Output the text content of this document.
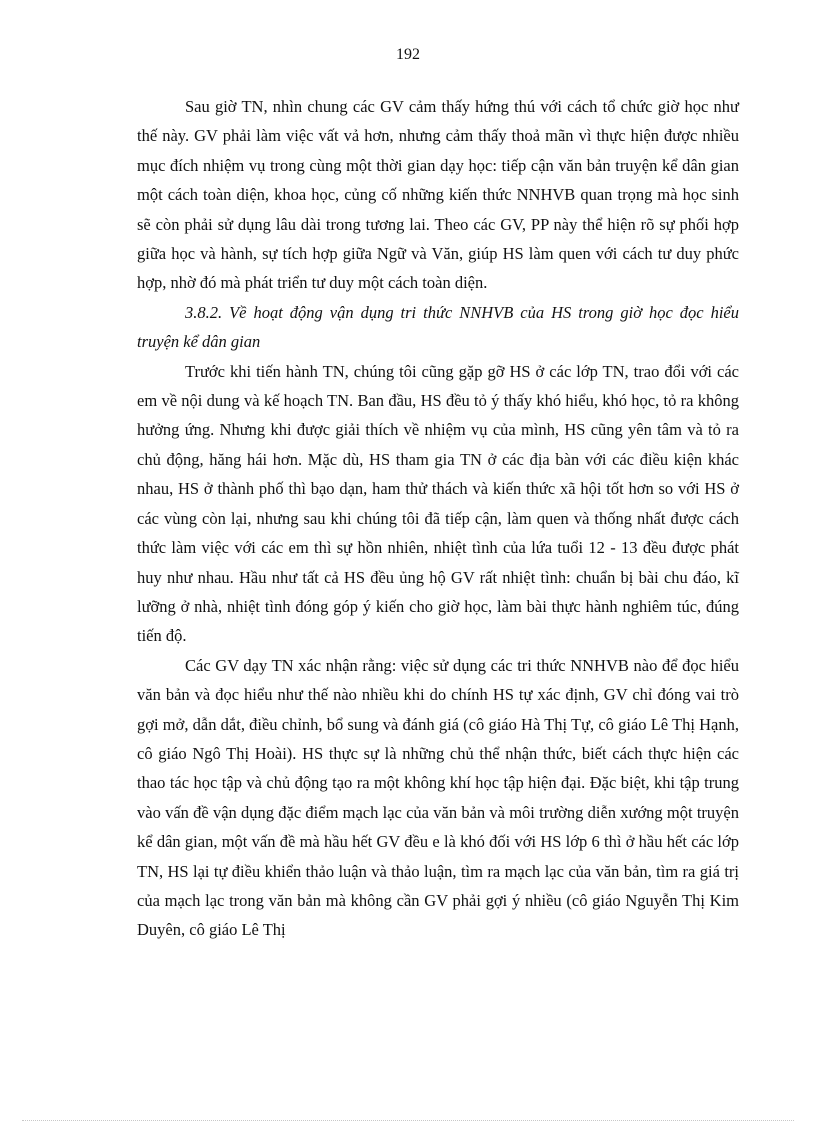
192

Sau giờ TN, nhìn chung các GV cảm thấy hứng thú với cách tổ chức giờ học như thế này. GV phải làm việc vất vả hơn, nhưng cảm thấy thoả mãn vì thực hiện được nhiều mục đích nhiệm vụ trong cùng một thời gian dạy học: tiếp cận văn bản truyện kể dân gian một cách toàn diện, khoa học, củng cố những kiến thức NNHVB quan trọng mà học sinh sẽ còn phải sử dụng lâu dài trong tương lai. Theo các GV, PP này thể hiện rõ sự phối hợp giữa học và hành, sự tích hợp giữa Ngữ và Văn, giúp HS làm quen với cách tư duy phức hợp, nhờ đó mà phát triển tư duy một cách toàn diện.

3.8.2. Về hoạt động vận dụng tri thức NNHVB của HS trong giờ học đọc hiểu truyện kể dân gian

Trước khi tiến hành TN, chúng tôi cũng gặp gỡ HS ở các lớp TN, trao đổi với các em về nội dung và kế hoạch TN. Ban đầu, HS đều tỏ ý thấy khó hiểu, khó học, tỏ ra không hưởng ứng. Nhưng khi được giải thích về nhiệm vụ của mình, HS cũng yên tâm và tỏ ra chủ động, hăng hái hơn. Mặc dù, HS tham gia TN ở các địa bàn với các điều kiện khác nhau, HS ở thành phố thì bạo dạn, ham thử thách và kiến thức xã hội tốt hơn so với HS ở các vùng còn lại, nhưng sau khi chúng tôi đã tiếp cận, làm quen và thống nhất được cách thức làm việc với các em thì sự hồn nhiên, nhiệt tình của lứa tuổi 12 - 13 đều được phát huy như nhau. Hầu như tất cả HS đều ủng hộ GV rất nhiệt tình: chuẩn bị bài chu đáo, kĩ lưỡng ở nhà, nhiệt tình đóng góp ý kiến cho giờ học, làm bài thực hành nghiêm túc, đúng tiến độ.

Các GV dạy TN xác nhận rằng: việc sử dụng các tri thức NNHVB nào để đọc hiểu văn bản và đọc hiểu như thế nào nhiều khi do chính HS tự xác định, GV chỉ đóng vai trò gợi mở, dẫn dắt, điều chỉnh, bổ sung và đánh giá (cô giáo Hà Thị Tự, cô giáo Lê Thị Hạnh, cô giáo Ngô Thị Hoài). HS thực sự là những chủ thể nhận thức, biết cách thực hiện các thao tác học tập và chủ động tạo ra một không khí học tập hiện đại. Đặc biệt, khi tập trung vào vấn đề vận dụng đặc điểm mạch lạc của văn bản và môi trường diễn xướng một truyện kể dân gian, một vấn đề mà hầu hết GV đều e là khó đối với HS lớp 6 thì ở hầu hết các lớp TN, HS lại tự điều khiển thảo luận và thảo luận, tìm ra mạch lạc của văn bản, tìm ra giá trị của mạch lạc trong văn bản mà không cần GV phải gợi ý nhiều (cô giáo Nguyễn Thị Kim Duyên, cô giáo Lê Thị
